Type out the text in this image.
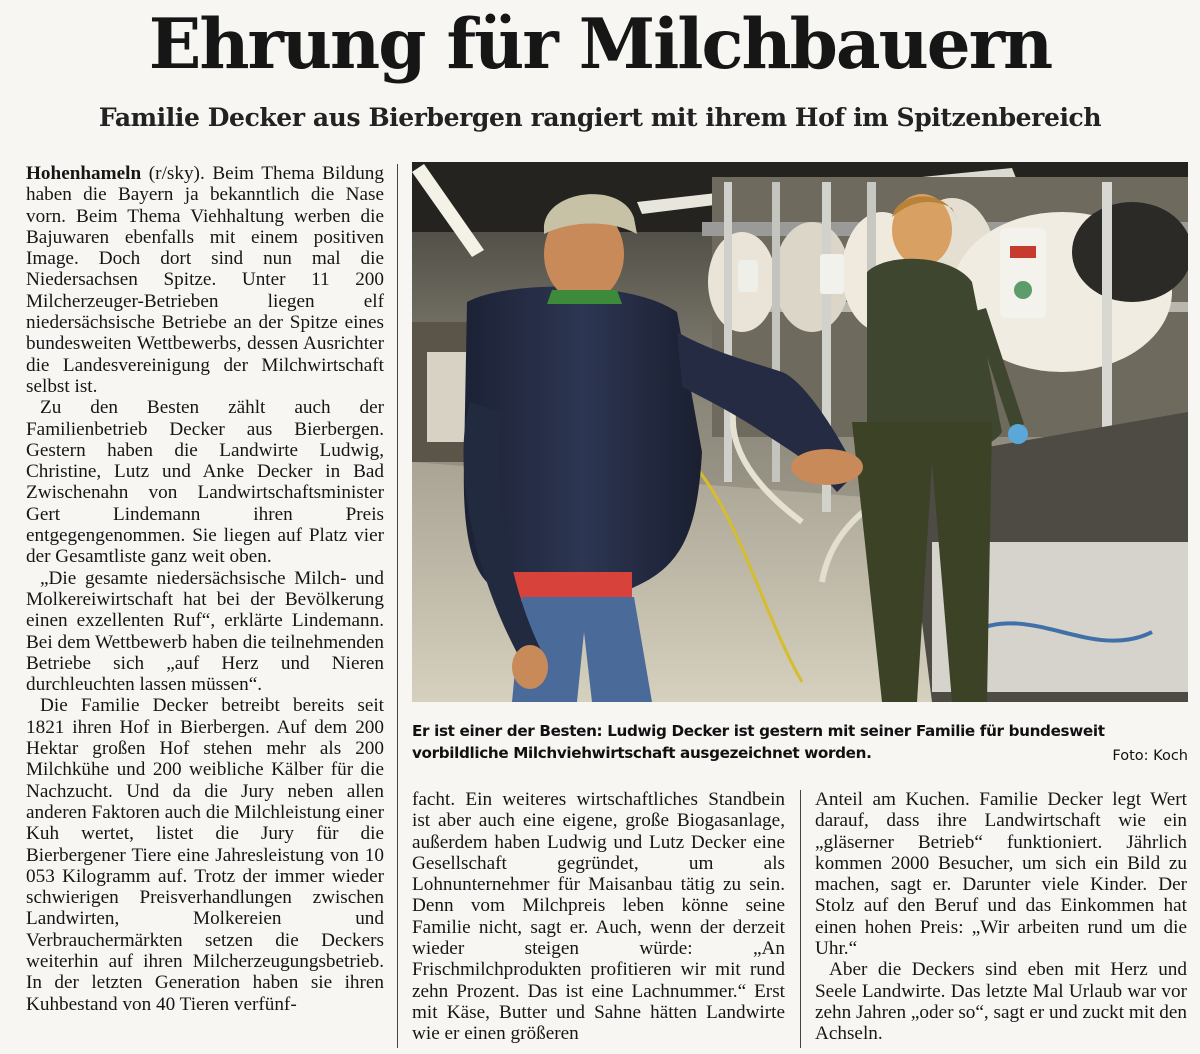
Ehrung für Milchbauern
Familie Decker aus Bierbergen rangiert mit ihrem Hof im Spitzenbereich

Hohenhameln (r/sky). Beim Thema Bildung haben die Bayern ja bekanntlich die Nase vorn. Beim Thema Viehhaltung werben die Bajuwaren ebenfalls mit einem positiven Image. Doch dort sind nun mal die Niedersachsen Spitze. Unter 11 200 Milcherzeuger-Betrieben liegen elf niedersächsische Betriebe an der Spitze eines bundesweiten Wettbewerbs, dessen Ausrichter die Landesvereinigung der Milchwirtschaft selbst ist.

Zu den Besten zählt auch der Familienbetrieb Decker aus Bierbergen. Gestern haben die Landwirte Ludwig, Christine, Lutz und Anke Decker in Bad Zwischenahn von Landwirtschaftsminister Gert Lindemann ihren Preis entgegengenommen. Sie liegen auf Platz vier der Gesamtliste ganz weit oben.

„Die gesamte niedersächsische Milch- und Molkereiwirtschaft hat bei der Bevölkerung einen exzellenten Ruf“, erklärte Lindemann. Bei dem Wettbewerb haben die teilnehmenden Betriebe sich „auf Herz und Nieren durchleuchten lassen müssen“.

Die Familie Decker betreibt bereits seit 1821 ihren Hof in Bierbergen. Auf dem 200 Hektar großen Hof stehen mehr als 200 Milchkühe und 200 weibliche Kälber für die Nachzucht. Und da die Jury neben allen anderen Faktoren auch die Milchleistung einer Kuh wertet, listet die Jury für die Bierbergener Tiere eine Jahresleistung von 10 053 Kilogramm auf. Trotz der immer wieder schwierigen Preisverhandlungen zwischen Landwirten, Molkereien und Verbrauchermärkten setzen die Deckers weiterhin auf ihren Milcherzeugungsbetrieb. In der letzten Generation haben sie ihren Kuhbestand von 40 Tieren verfünf-

Er ist einer der Besten: Ludwig Decker ist gestern mit seiner Familie für bundesweit vorbildliche Milchviehwirtschaft ausgezeichnet worden.	Foto: Koch

facht. Ein weiteres wirtschaftliches Standbein ist aber auch eine eigene, große Biogasanlage, außerdem haben Ludwig und Lutz Decker eine Gesellschaft gegründet, um als Lohnunternehmer für Maisanbau tätig zu sein. Denn vom Milchpreis leben könne seine Familie nicht, sagt er. Auch, wenn der derzeit wieder steigen würde: „An Frischmilchprodukten profitieren wir mit rund zehn Prozent. Das ist eine Lachnummer.“ Erst mit Käse, Butter und Sahne hätten Landwirte wie er einen größeren

Anteil am Kuchen. Familie Decker legt Wert darauf, dass ihre Landwirtschaft wie ein „gläserner Betrieb“ funktioniert. Jährlich kommen 2000 Besucher, um sich ein Bild zu machen, sagt er. Darunter viele Kinder. Der Stolz auf den Beruf und das Einkommen hat einen hohen Preis: „Wir arbeiten rund um die Uhr.“

Aber die Deckers sind eben mit Herz und Seele Landwirte. Das letzte Mal Urlaub war vor zehn Jahren „oder so“, sagt er und zuckt mit den Achseln.
